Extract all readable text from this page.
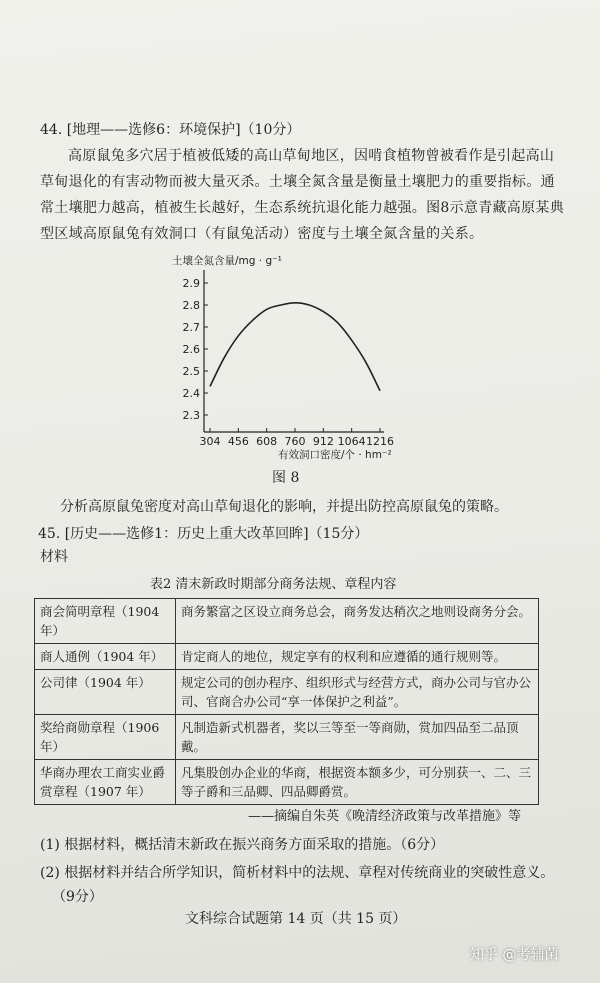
44. [地理——选修6：环境保护]（10分）
高原鼠兔多穴居于植被低矮的高山草甸地区，因啃食植物曾被看作是引起高山草甸退化的有害动物而被大量灭杀。土壤全氮含量是衡量土壤肥力的重要指标。通常土壤肥力越高，植被生长越好，生态系统抗退化能力越强。图8示意青藏高原某典型区域高原鼠兔有效洞口（有鼠兔活动）密度与土壤全氮含量的关系。
土壤全氮含量/mg · g⁻¹
2.3
2.4
2.5
2.6
2.7
2.8
2.9
304 456 608 760 912 1064 1216
有效洞口密度/个 · hm⁻²
图 8
分析高原鼠兔密度对高山草甸退化的影响，并提出防控高原鼠兔的策略。
45. [历史——选修1：历史上重大改革回眸]（15分）
材料
表2 清末新政时期部分商务法规、章程内容
商会简明章程（1904 年）	商务繁富之区设立商务总会，商务发达稍次之地则设商务分会。
商人通例（1904 年）	肯定商人的地位，规定享有的权利和应遵循的通行规则等。
公司律（1904 年）	规定公司的创办程序、组织形式与经营方式，商办公司与官办公司、官商合办公司“享一体保护之利益”。
奖给商勋章程（1906 年）	凡制造新式机器者，奖以三等至一等商勋，赏加四品至二品顶戴。
华商办理农工商实业爵赏章程（1907 年）	凡集股创办企业的华商，根据资本额多少，可分别获一、二、三等子爵和三品卿、四品卿爵赏。
——摘编自朱英《晚清经济政策与改革措施》等
(1) 根据材料，概括清末新政在振兴商务方面采取的措施。（6分）
(2) 根据材料并结合所学知识，简析材料中的法规、章程对传统商业的突破性意义。
（9分）
文科综合试题第 14 页（共 15 页）
知乎 @考辅菌
